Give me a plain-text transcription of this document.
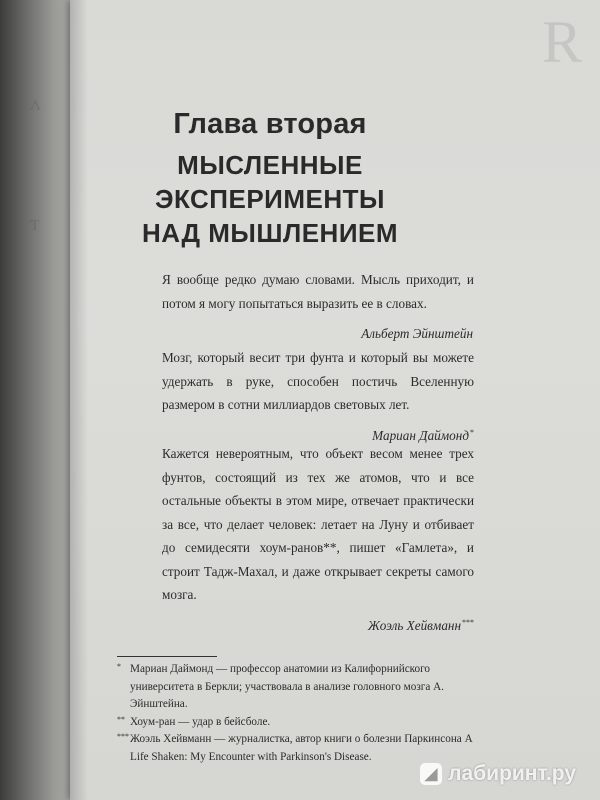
ᴧ
т
R
Глава вторая
МЫСЛЕННЫЕ
ЭКСПЕРИМЕНТЫ
НАД МЫШЛЕНИЕМ

Я вообще редко думаю словами. Мысль приходит, и потом я могу попытаться выразить ее в словах.

Альберт Эйнштейн

Мозг, который весит три фунта и который вы можете удержать в руке, способен постичь Вселенную размером в сотни миллиардов световых лет.

Мариан Даймонд*

Кажется невероятным, что объект весом менее трех фунтов, состоящий из тех же атомов, что и все остальные объекты в этом мире, отвечает практически за все, что делает человек: летает на Луну и отбивает до семидесяти хоум-ранов**, пишет «Гамлета», и строит Тадж-Махал, и даже открывает секреты самого мозга.

Жоэль Хейвманн***

* Мариан Даймонд — профессор анатомии из Калифорнийского университета в Беркли; участвовала в анализе головного мозга А. Эйнштейна.

** Хоум-ран — удар в бейсболе.

*** Жоэль Хейвманн — журналистка, автор книги о болезни Паркинсона A Life Shaken: My Encounter with Parkinson's Disease.

◢ лабиринт.ру
